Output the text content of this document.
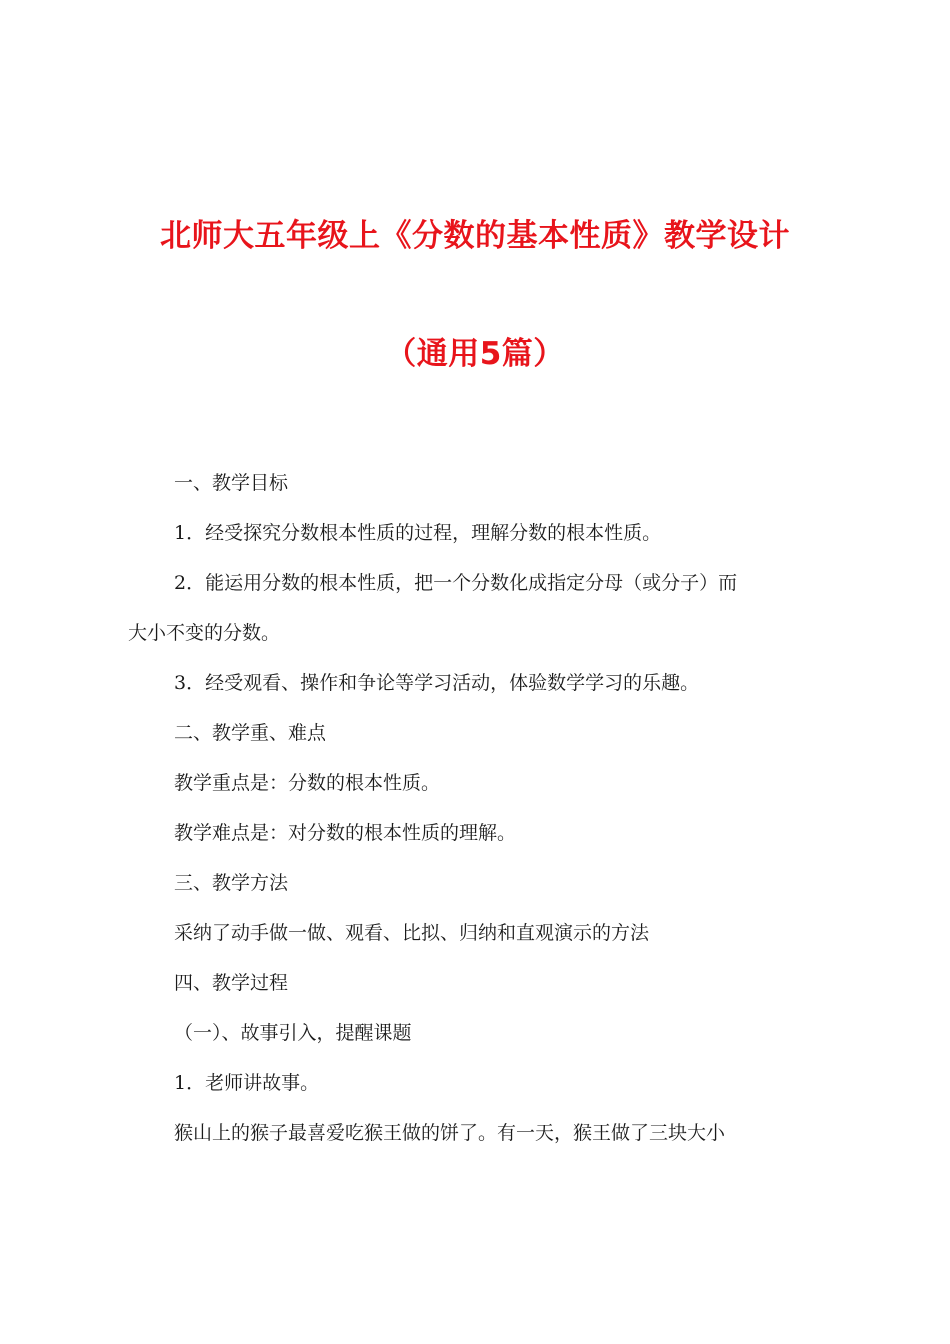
北师大五年级上《分数的基本性质》教学设计
（通用5篇）
一、教学目标
1．经受探究分数根本性质的过程，理解分数的根本性质。
2．能运用分数的根本性质，把一个分数化成指定分母（或分子）而
大小不变的分数。
3．经受观看、操作和争论等学习活动，体验数学学习的乐趣。
二、教学重、难点
教学重点是：分数的根本性质。
教学难点是：对分数的根本性质的理解。
三、教学方法
采纳了动手做一做、观看、比拟、归纳和直观演示的方法
四、教学过程
（一）、故事引入，提醒课题
1．老师讲故事。
猴山上的猴子最喜爱吃猴王做的饼了。有一天，猴王做了三块大小
